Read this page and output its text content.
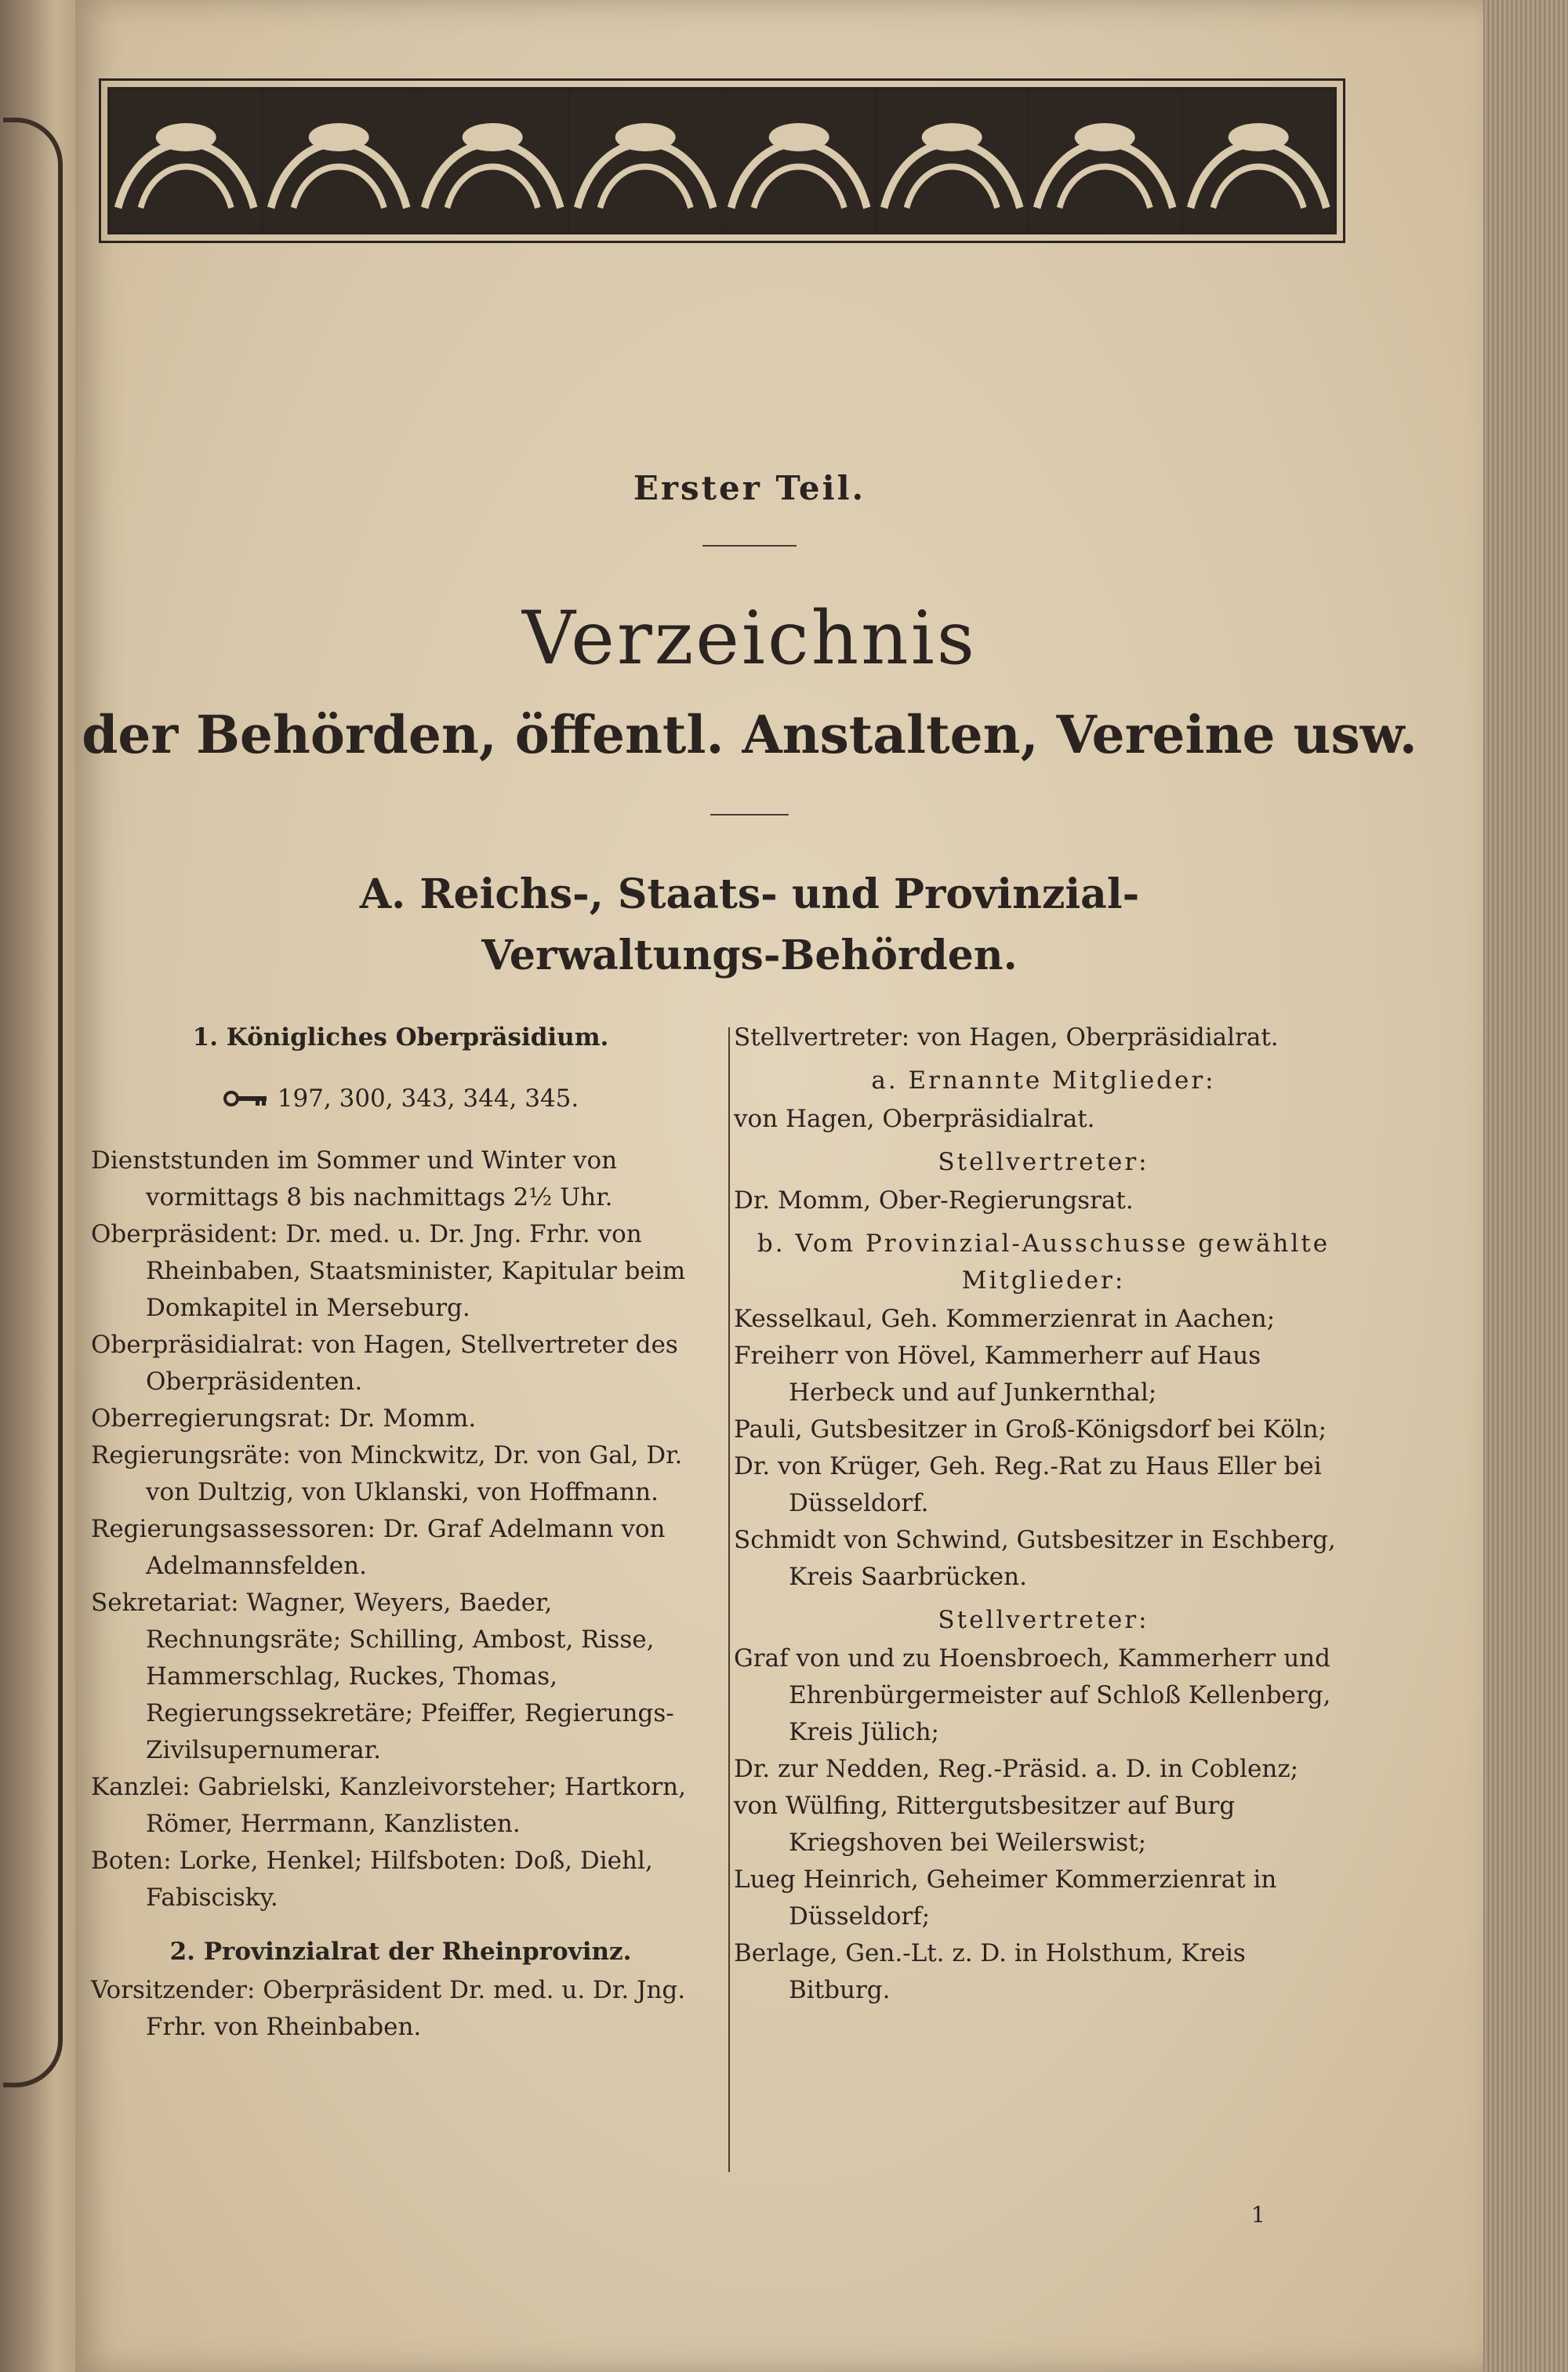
Erster Teil.
Verzeichnis
der Behörden, öffentl. Anstalten, Vereine usw.
A. Reichs-, Staats- und Provinzial-
Verwaltungs-Behörden.

1. Königliches Oberpräsidium.

197, 300, 343, 344, 345.

Dienststunden im Sommer und Winter von vormittags 8 bis nachmittags 2½ Uhr.

Oberpräsident: Dr. med. u. Dr. Jng. Frhr. von Rheinbaben, Staatsminister, Kapitular beim Domkapitel in Merseburg.

Oberpräsidialrat: von Hagen, Stellvertreter des Oberpräsidenten.

Oberregierungsrat: Dr. Momm.

Regierungsräte: von Minckwitz, Dr. von Gal, Dr. von Dultzig, von Uklanski, von Hoffmann.

Regierungsassessoren: Dr. Graf Adelmann von Adelmannsfelden.

Sekretariat: Wagner, Weyers, Baeder, Rechnungsräte; Schilling, Ambost, Risse, Hammerschlag, Ruckes, Thomas, Regierungssekretäre; Pfeiffer, Regierungs-Zivilsupernumerar.

Kanzlei: Gabrielski, Kanzleivorsteher; Hartkorn, Römer, Herrmann, Kanzlisten.

Boten: Lorke, Henkel; Hilfsboten: Doß, Diehl, Fabiscisky.

2. Provinzialrat der Rheinprovinz.

Vorsitzender: Oberpräsident Dr. med. u. Dr. Jng. Frhr. von Rheinbaben.

Stellvertreter: von Hagen, Oberpräsidialrat.

a. Ernannte Mitglieder:

von Hagen, Oberpräsidialrat.

Stellvertreter:

Dr. Momm, Ober-Regierungsrat.

b. Vom Provinzial-Ausschusse gewählte Mitglieder:

Kesselkaul, Geh. Kommerzienrat in Aachen;

Freiherr von Hövel, Kammerherr auf Haus Herbeck und auf Junkernthal;

Pauli, Gutsbesitzer in Groß-Königsdorf bei Köln;

Dr. von Krüger, Geh. Reg.-Rat zu Haus Eller bei Düsseldorf.

Schmidt von Schwind, Gutsbesitzer in Eschberg, Kreis Saarbrücken.

Stellvertreter:

Graf von und zu Hoensbroech, Kammerherr und Ehrenbürgermeister auf Schloß Kellenberg, Kreis Jülich;

Dr. zur Nedden, Reg.-Präsid. a. D. in Coblenz;

von Wülfing, Rittergutsbesitzer auf Burg Kriegshoven bei Weilerswist;

Lueg Heinrich, Geheimer Kommerzienrat in Düsseldorf;

Berlage, Gen.-Lt. z. D. in Holsthum, Kreis Bitburg.

1
